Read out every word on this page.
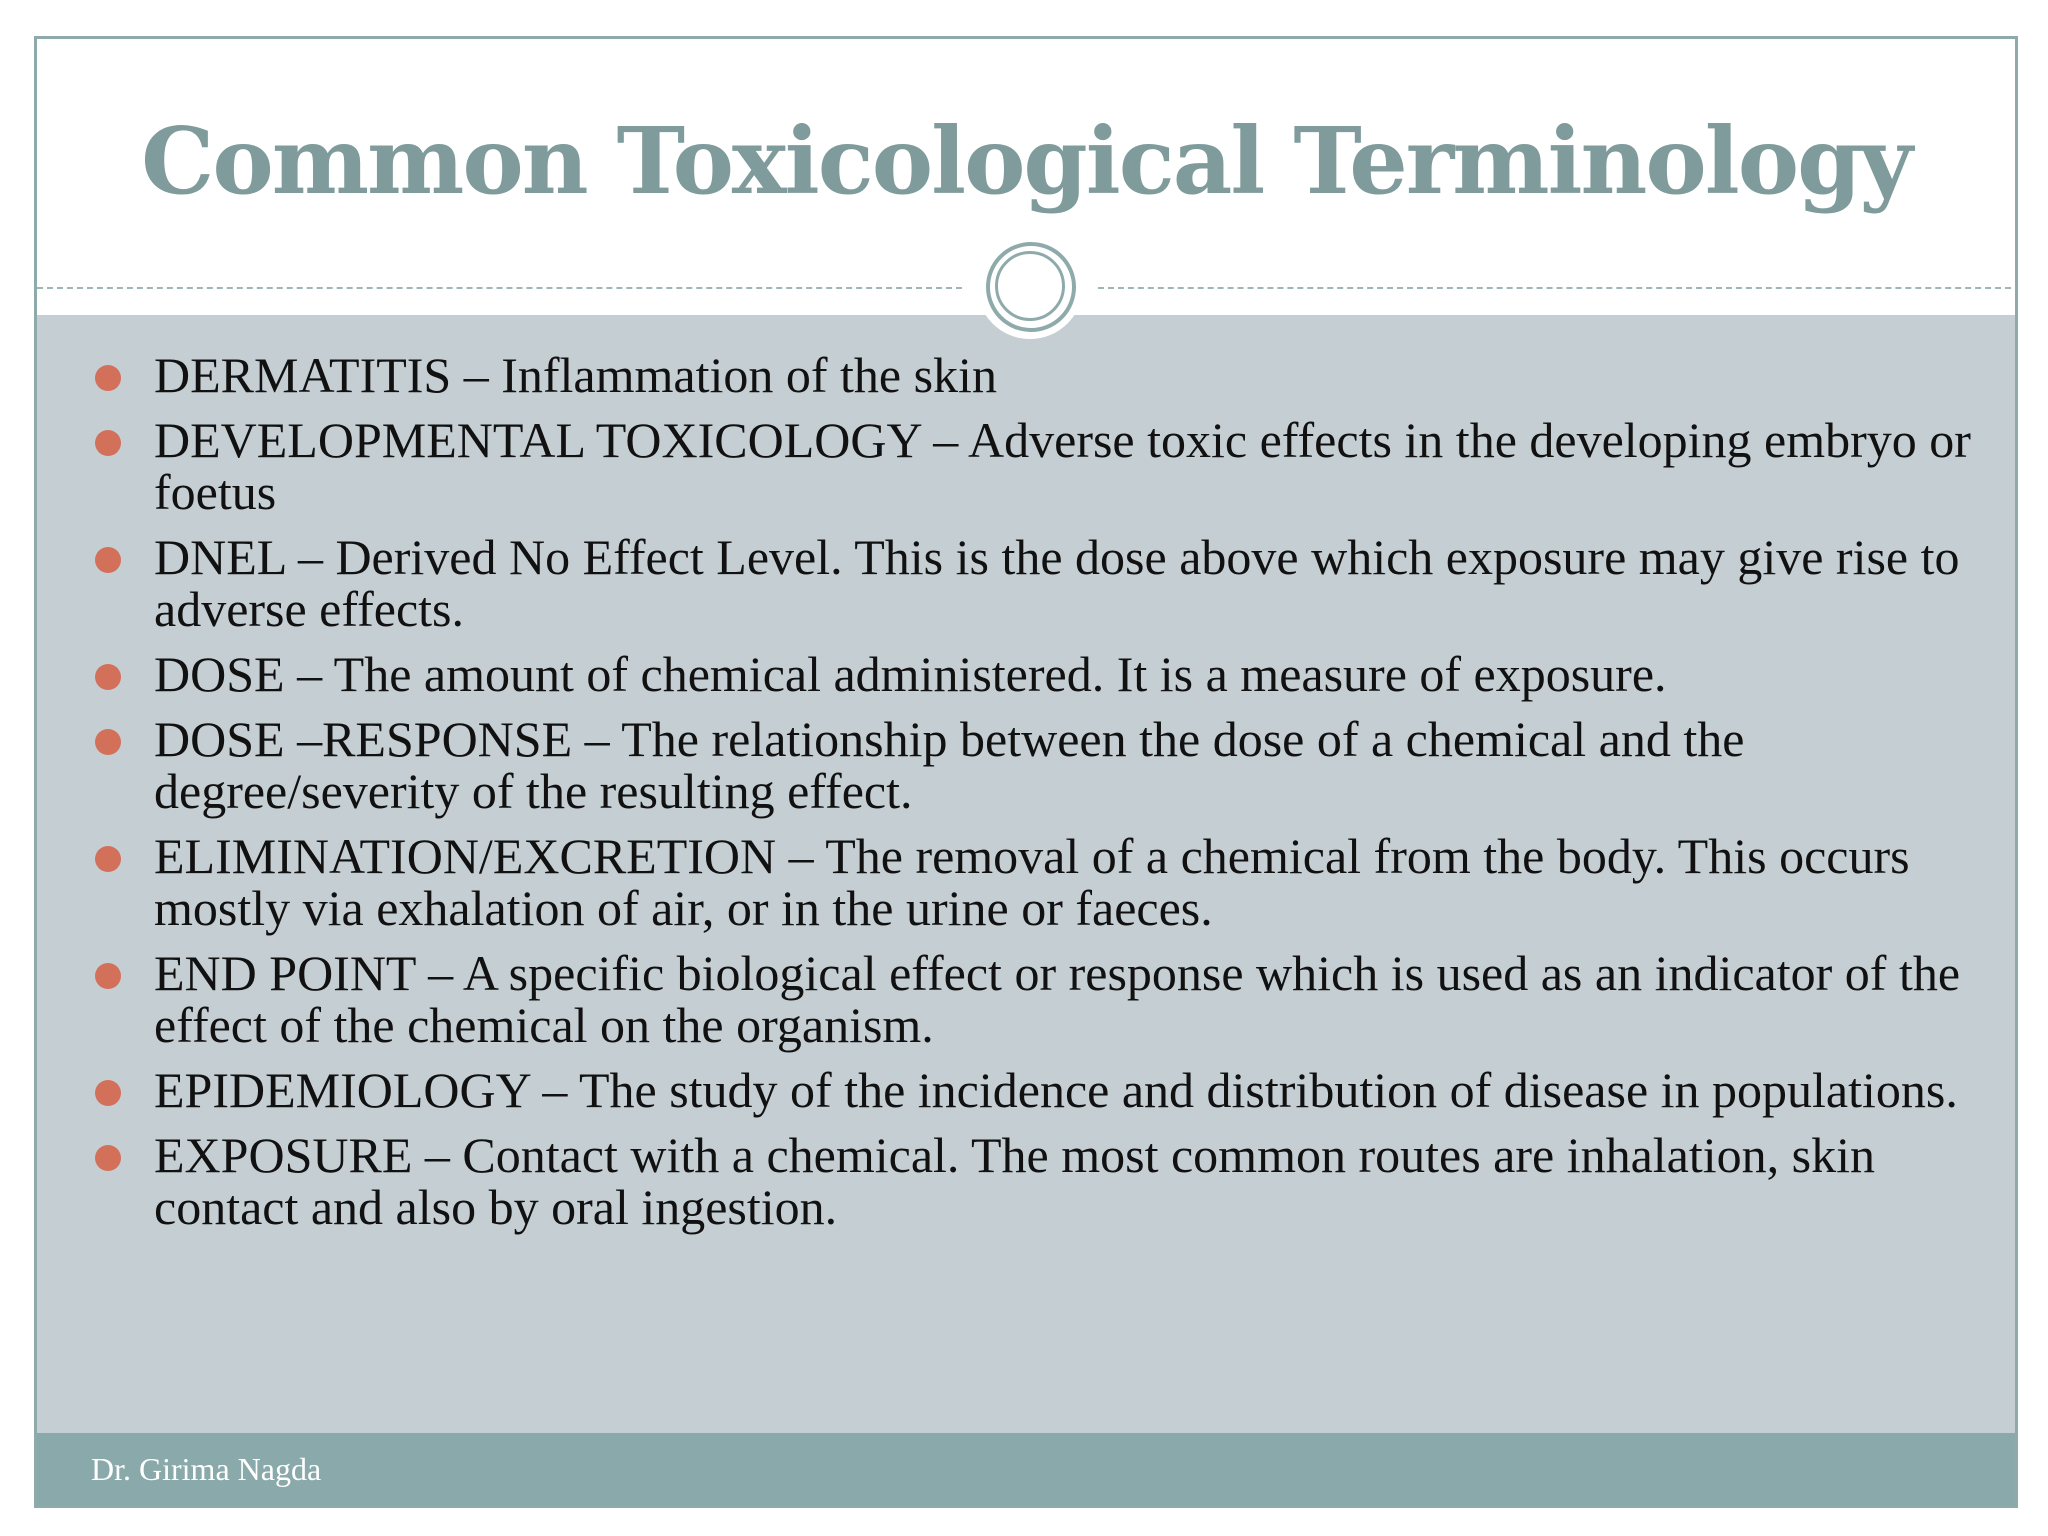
Common Toxicological Terminology
DERMATITIS – Inflammation of the skin
DEVELOPMENTAL TOXICOLOGY – Adverse toxic effects in the developing embryo or foetus
DNEL – Derived No Effect Level. This is the dose above which exposure may give rise to adverse effects.
DOSE – The amount of chemical administered. It is a measure of exposure.
DOSE –RESPONSE – The relationship between the dose of a chemical and the degree/severity of the resulting effect.
ELIMINATION/EXCRETION – The removal of a chemical from the body. This occurs mostly via exhalation of air, or in the urine or faeces.
END POINT – A specific biological effect or response which is used as an indicator of the effect of the chemical on the organism.
EPIDEMIOLOGY – The study of the incidence and distribution of disease in populations.
EXPOSURE – Contact with a chemical. The most common routes are inhalation, skin contact and also by oral ingestion.
Dr. Girima Nagda
